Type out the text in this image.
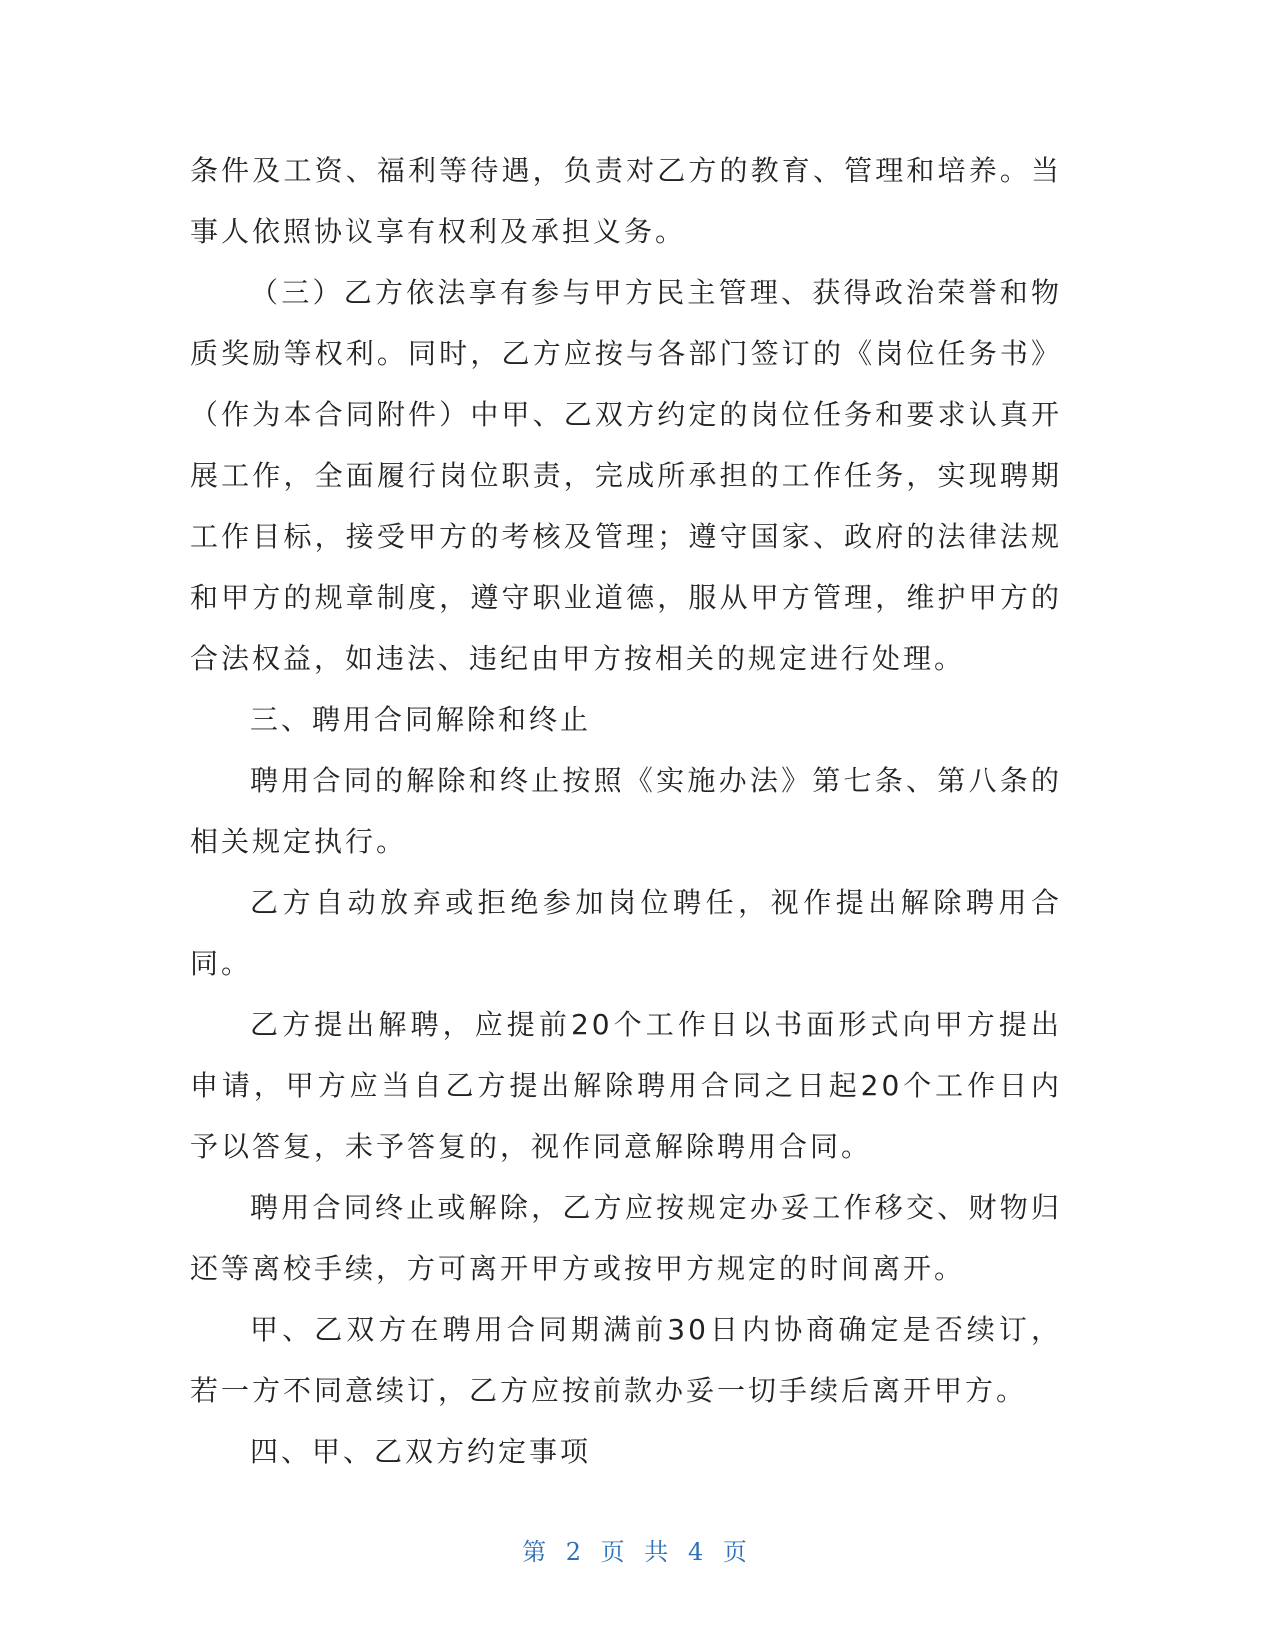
条件及工资、福利等待遇，负责对乙方的教育、管理和培养。当事人依照协议享有权利及承担义务。

（三）乙方依法享有参与甲方民主管理、获得政治荣誉和物质奖励等权利。同时，乙方应按与各部门签订的《岗位任务书》（作为本合同附件）中甲、乙双方约定的岗位任务和要求认真开展工作，全面履行岗位职责，完成所承担的工作任务，实现聘期工作目标，接受甲方的考核及管理；遵守国家、政府的法律法规和甲方的规章制度，遵守职业道德，服从甲方管理，维护甲方的合法权益，如违法、违纪由甲方按相关的规定进行处理。

三、聘用合同解除和终止

聘用合同的解除和终止按照《实施办法》第七条、第八条的相关规定执行。

乙方自动放弃或拒绝参加岗位聘任，视作提出解除聘用合同。

乙方提出解聘，应提前20个工作日以书面形式向甲方提出申请，甲方应当自乙方提出解除聘用合同之日起20个工作日内予以答复，未予答复的，视作同意解除聘用合同。

聘用合同终止或解除，乙方应按规定办妥工作移交、财物归还等离校手续，方可离开甲方或按甲方规定的时间离开。

甲、乙双方在聘用合同期满前30日内协商确定是否续订，若一方不同意续订，乙方应按前款办妥一切手续后离开甲方。

四、甲、乙双方约定事项

第 2 页 共 4 页
